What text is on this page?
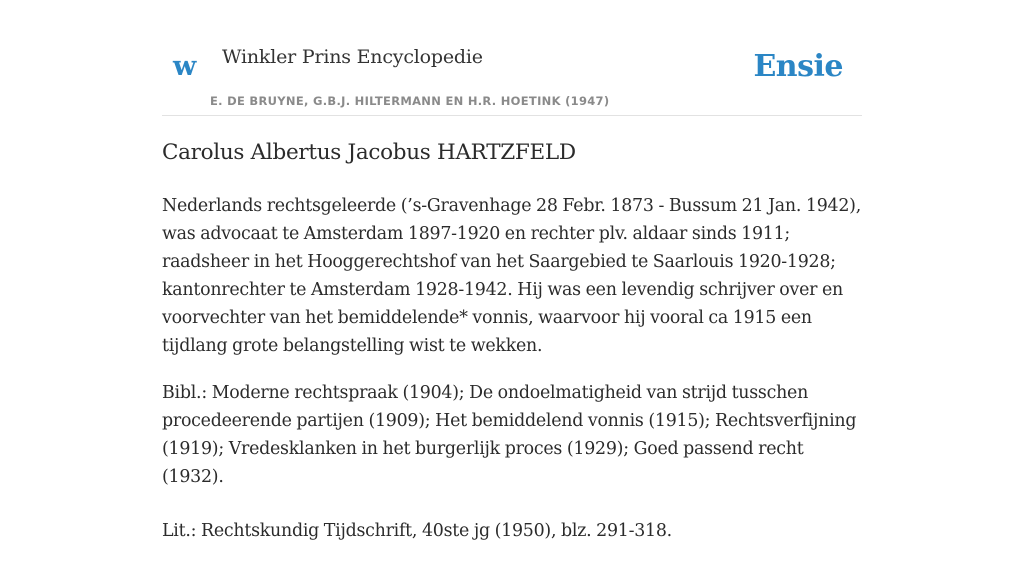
w Winkler Prins Encyclopedie
E. DE BRUYNE, G.B.J. HILTERMANN EN H.R. HOETINK (1947)
Ensie
Carolus Albertus Jacobus HARTZFELD

Nederlands rechtsgeleerde (’s-Gravenhage 28 Febr. 1873 - Bussum 21 Jan. 1942), was advocaat te Amsterdam 1897-1920 en rechter plv. aldaar sinds 1911; raadsheer in het Hooggerechtshof van het Saargebied te Saarlouis 1920-1928; kantonrechter te Amsterdam 1928-1942. Hij was een levendig schrijver over en voorvechter van het bemiddelende* vonnis, waarvoor hij vooral ca 1915 een tijdlang grote belangstelling wist te wekken.

Bibl.: Moderne rechtspraak (1904); De ondoelmatigheid van strijd tusschen procedeerende partijen (1909); Het bemiddelend vonnis (1915); Rechtsverfijning (1919); Vredesklanken in het burgerlijk proces (1929); Goed passend recht (1932).

Lit.: Rechtskundig Tijdschrift, 40ste jg (1950), blz. 291-318.
